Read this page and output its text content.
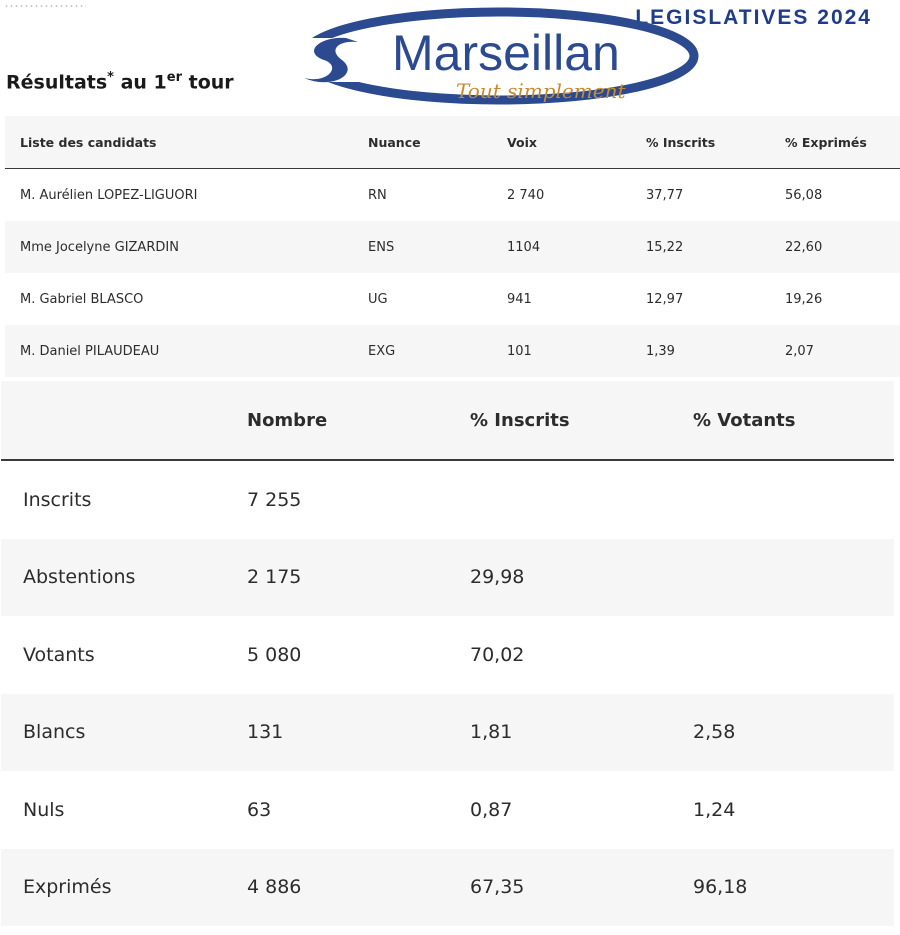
LEGISLATIVES 2024
Marseillan
Tout simplement
Résultats* au 1er tour
Liste des candidats	Nuance	Voix	% Inscrits	% Exprimés
M. Aurélien LOPEZ-LIGUORI	RN	2 740	37,77	56,08
Mme Jocelyne GIZARDIN	ENS	1104	15,22	22,60
M. Gabriel BLASCO	UG	941	12,97	19,26
M. Daniel PILAUDEAU	EXG	101	1,39	2,07
	Nombre	% Inscrits	% Votants
Inscrits	7 255		
Abstentions	2 175	29,98	
Votants	5 080	70,02	
Blancs	131	1,81	2,58
Nuls	63	0,87	1,24
Exprimés	4 886	67,35	96,18
